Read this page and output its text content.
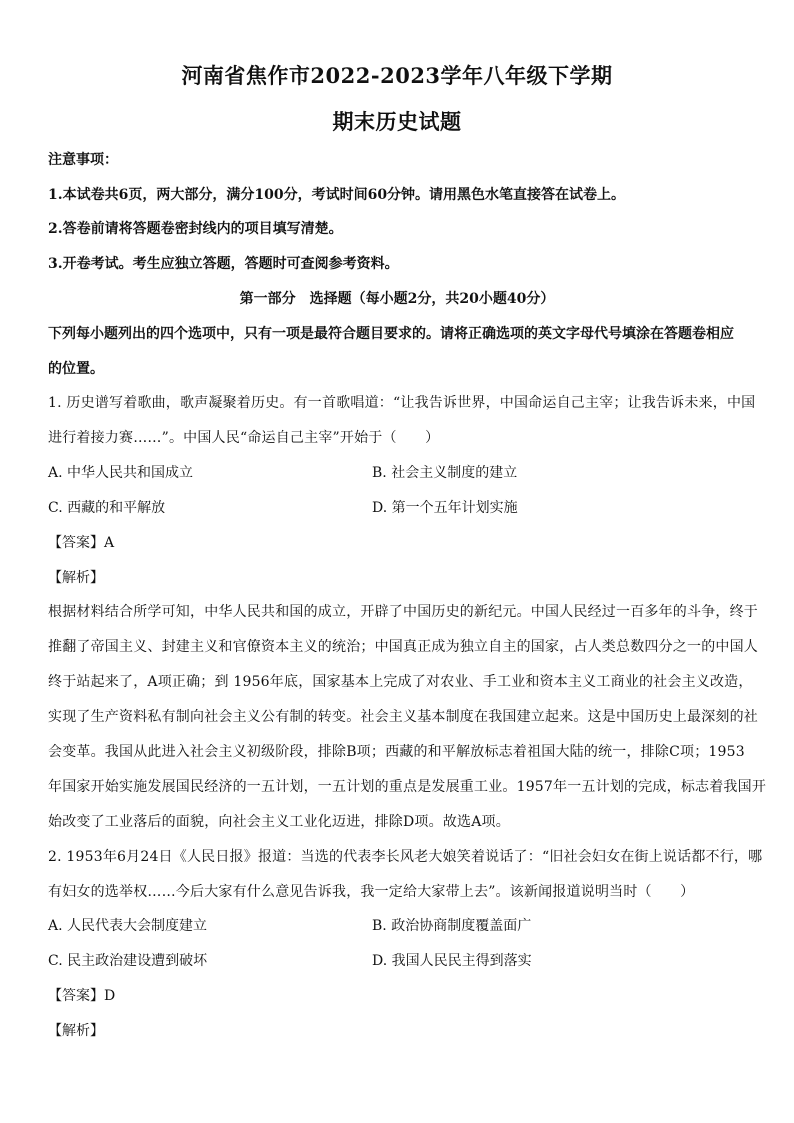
河南省焦作市2022-2023学年八年级下学期
期末历史试题
注意事项：
1.本试卷共6页，两大部分，满分100分，考试时间60分钟。请用黑色水笔直接答在试卷上。
2.答卷前请将答题卷密封线内的项目填写清楚。
3.开卷考试。考生应独立答题，答题时可查阅参考资料。
第一部分　选择题（每小题2分，共20小题40分）
下列每小题列出的四个选项中，只有一项是最符合题目要求的。请将正确选项的英文字母代号填涂在答题卷相应
的位置。
1. 历史谱写着歌曲，歌声凝聚着历史。有一首歌唱道：“让我告诉世界，中国命运自己主宰；让我告诉未来，中国
进行着接力赛……”。中国人民“命运自己主宰”开始于（　　）
A. 中华人民共和国成立	B. 社会主义制度的建立
C. 西藏的和平解放	D. 第一个五年计划实施
【答案】A
【解析】
根据材料结合所学可知，中华人民共和国的成立，开辟了中国历史的新纪元。中国人民经过一百多年的斗争，终于
推翻了帝国主义、封建主义和官僚资本主义的统治；中国真正成为独立自主的国家，占人类总数四分之一的中国人
终于站起来了，A项正确；到 1956年底，国家基本上完成了对农业、手工业和资本主义工商业的社会主义改造，
实现了生产资料私有制向社会主义公有制的转变。社会主义基本制度在我国建立起来。这是中国历史上最深刻的社
会变革。我国从此进入社会主义初级阶段，排除B项；西藏的和平解放标志着祖国大陆的统一，排除C项；1953
年国家开始实施发展国民经济的一五计划，一五计划的重点是发展重工业。1957年一五计划的完成，标志着我国开
始改变了工业落后的面貌，向社会主义工业化迈进，排除D项。故选A项。
2. 1953年6月24日《人民日报》报道：当选的代表李长风老大娘笑着说话了：“旧社会妇女在街上说话都不行，哪
有妇女的选举权……今后大家有什么意见告诉我，我一定给大家带上去”。该新闻报道说明当时（　　）
A. 人民代表大会制度建立	B. 政治协商制度覆盖面广
C. 民主政治建设遭到破坏	D. 我国人民民主得到落实
【答案】D
【解析】
